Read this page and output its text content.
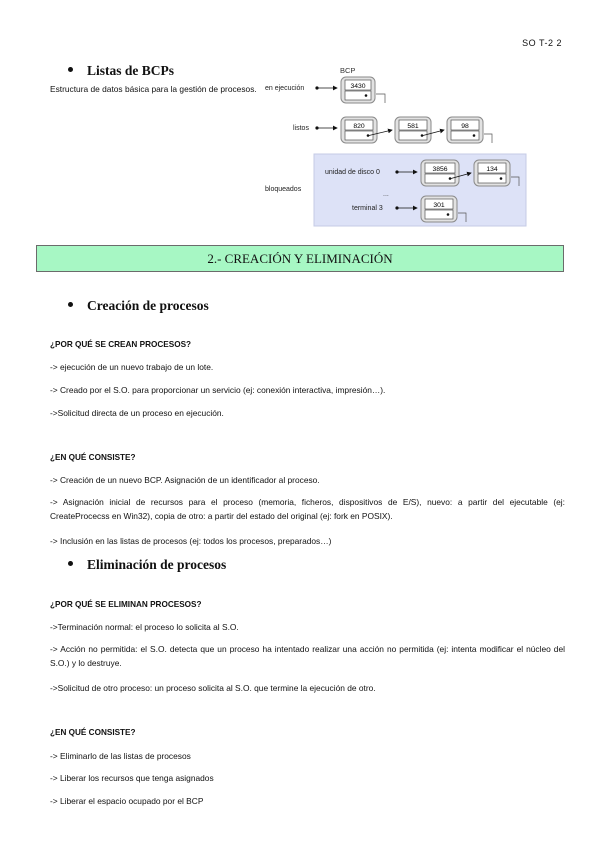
SO T-2 2
Listas de BCPs
Estructura de datos básica para la gestión de procesos.
BCP
en ejecución	3430
listos	820	581	98
unidad de disco 0	3856	134
bloqueados
...
terminal 3	301
2.- CREACIÓN Y ELIMINACIÓN
Creación de procesos
¿POR QUÉ SE CREAN PROCESOS?
-> ejecución de un nuevo trabajo de un lote.
-> Creado por el S.O. para proporcionar un servicio (ej: conexión interactiva, impresión…).
->Solicitud directa de un proceso en ejecución.
¿EN QUÉ CONSISTE?
-> Creación de un nuevo BCP. Asignación de un identificador al proceso.
-> Asignación inicial de recursos para el proceso (memoria, ficheros, dispositivos de E/S), nuevo: a partir del ejecutable (ej: CreateProcecss en Win32), copia de otro: a partir del estado del original (ej: fork en POSIX).
-> Inclusión en las listas de procesos (ej: todos los procesos, preparados…)
Eliminación de procesos
¿POR QUÉ SE ELIMINAN PROCESOS?
->Terminación normal: el proceso lo solicita al S.O.
-> Acción no permitida: el S.O. detecta que un proceso ha intentado realizar una acción no permitida (ej: intenta modificar el núcleo del S.O.) y lo destruye.
->Solicitud de otro proceso: un proceso solicita al S.O. que termine la ejecución de otro.
¿EN QUÉ CONSISTE?
-> Eliminarlo de las listas de procesos
-> Liberar los recursos que tenga asignados
-> Liberar el espacio ocupado por el BCP
